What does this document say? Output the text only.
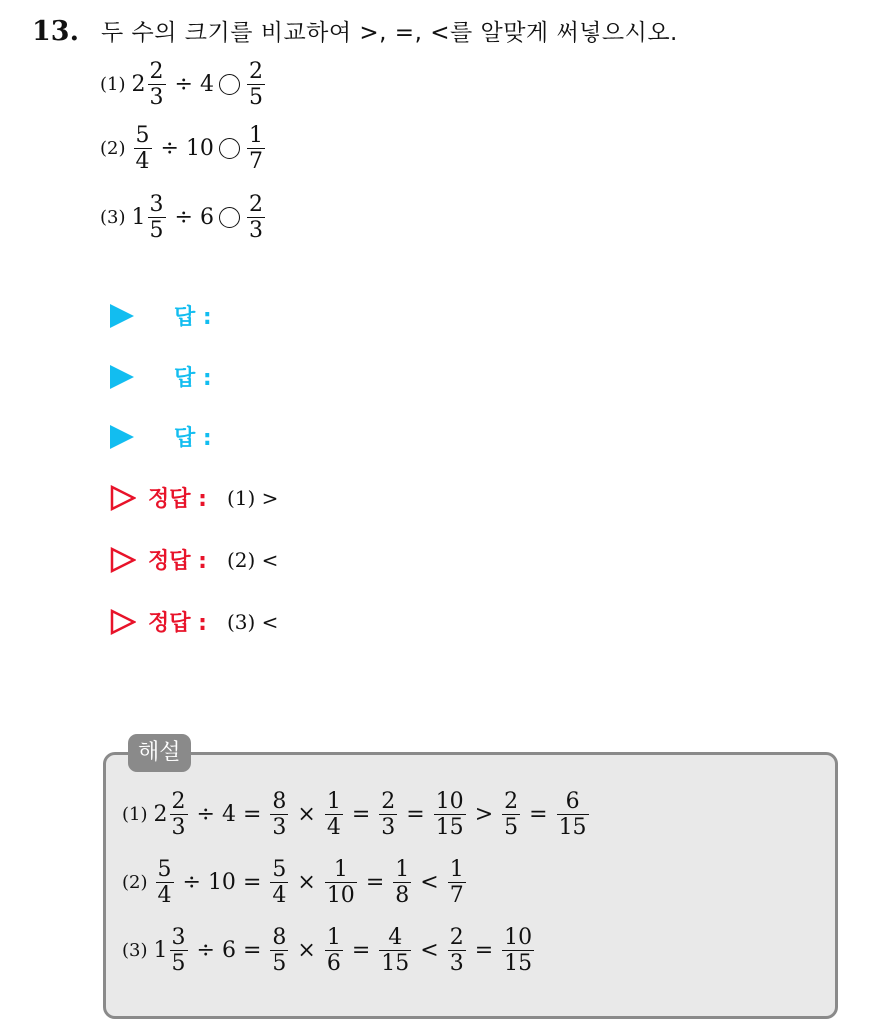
13. 두 수의 크기를 비교하여 >, =, <를 알맞게 써넣으시오.
(1) $2 \frac{2}{3} \div 4 \frac{2}{5}$
$(2) \frac{5}{4} \div 10 \frac{1}{7}$
(3) $1 \frac{3}{5} \div 6 \frac{2}{3}$
답 :
답 :
답 :
정답 : (1) >
정답 : (2) <
정답 : (3) <
해설
(1) $2 \frac{2}{3} \div 4 = \frac{8}{3} \times \frac{1}{4} = \frac{2}{3} = \frac{10}{15} > \frac{2}{5} = \frac{6}{15}$
$(2) \frac{5}{4} \div 10 = \frac{5}{4} \times \frac{1}{10} = \frac{1}{8} < \frac{1}{7}$
(3) $1 \frac{3}{5} \div 6 = \frac{8}{5} \times \frac{1}{6} = \frac{4}{15} < \frac{2}{3} = \frac{10}{15}$
